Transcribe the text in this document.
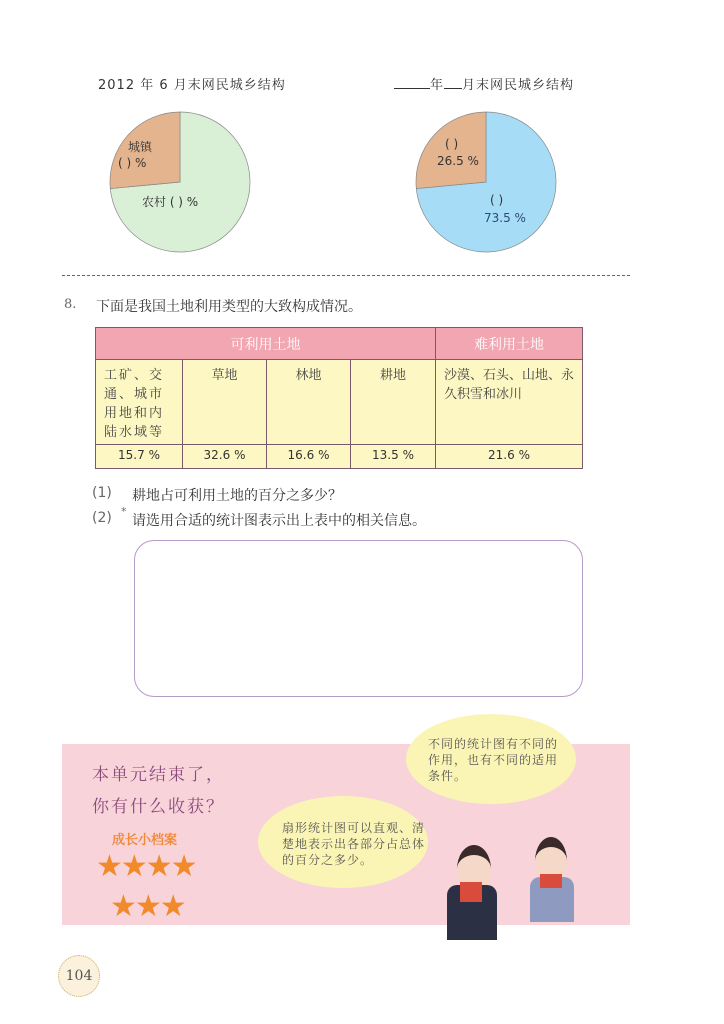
2012 年 6 月末网民城乡结构
城镇
( ) %
农村 ( ) %
年 月末网民城乡结构
( )
26.5 %
( )
73.5 %
8. 下面是我国土地利用类型的大致构成情况。
可利用土地				难利用土地
工矿、交通、城市用地和内陆水域等	草地	林地	耕地	沙漠、石头、山地、永久积雪和冰川
15.7 %	32.6 %	16.6 %	13.5 %	21.6 %
(1) 耕地占可利用土地的百分之多少？
(2) *
请选用合适的统计图表示出上表中的相关信息。
本单元结束了，
你有什么收获？
成长小档案
★★★★
★★★
扇形统计图可以直观、清楚地表示出各部分占总体的百分之多少。
不同的统计图有不同的作用，也有不同的适用条件。
104
